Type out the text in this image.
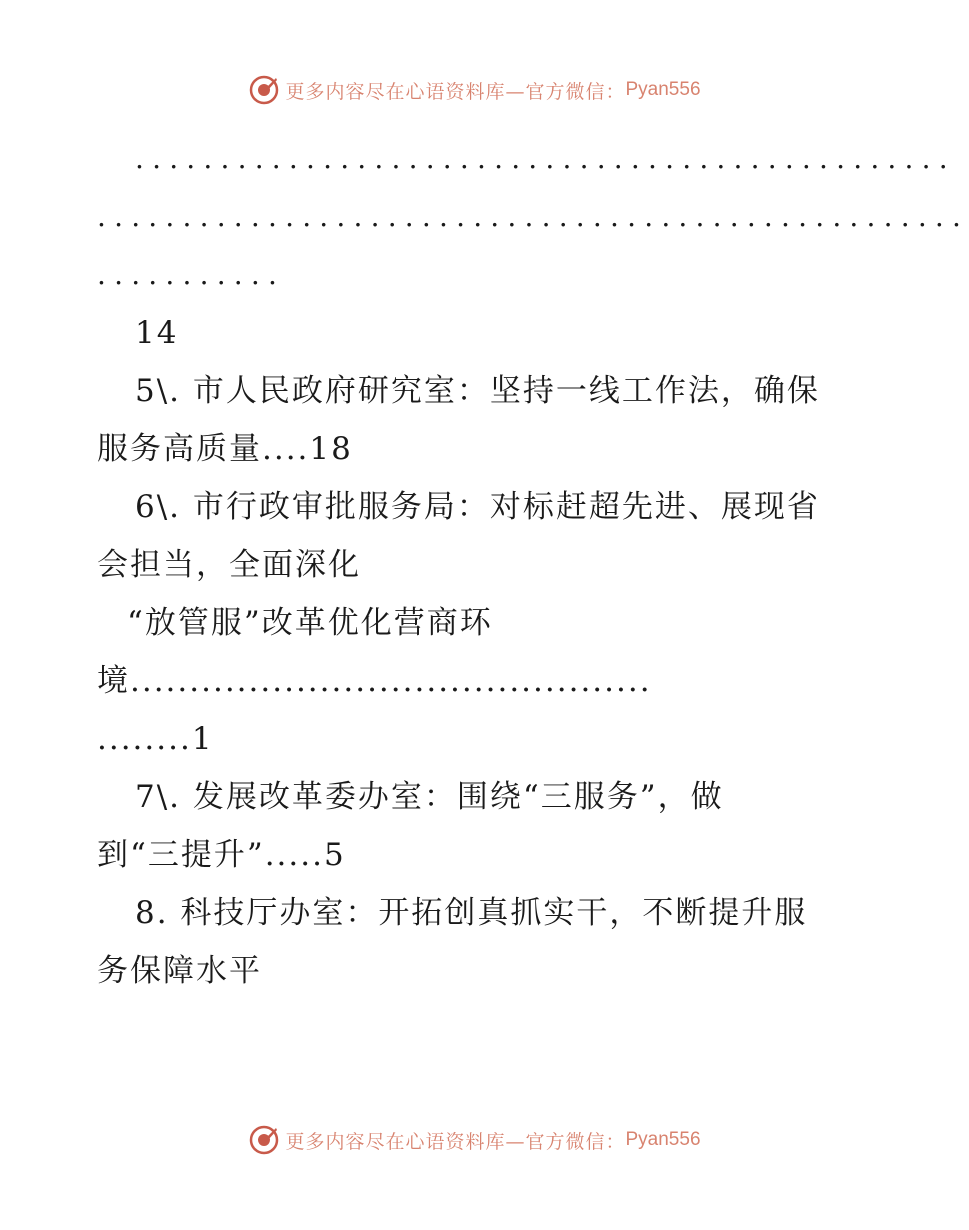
更多内容尽在心语资料库—官方微信： Pyan556
................................................
...................................................
...........
14
5\. 市人民政府研究室：坚持一线工作法，确保
服务高质量....18
6\. 市行政审批服务局：对标赶超先进、展现省
会担当，全面深化
“放管服”改革优化营商环
境............................................
........1
7\. 发展改革委办室：围绕“三服务”，做
到“三提升”.....5
8. 科技厅办室：开拓创真抓实干，不断提升服
务保障水平
更多内容尽在心语资料库—官方微信： Pyan556
